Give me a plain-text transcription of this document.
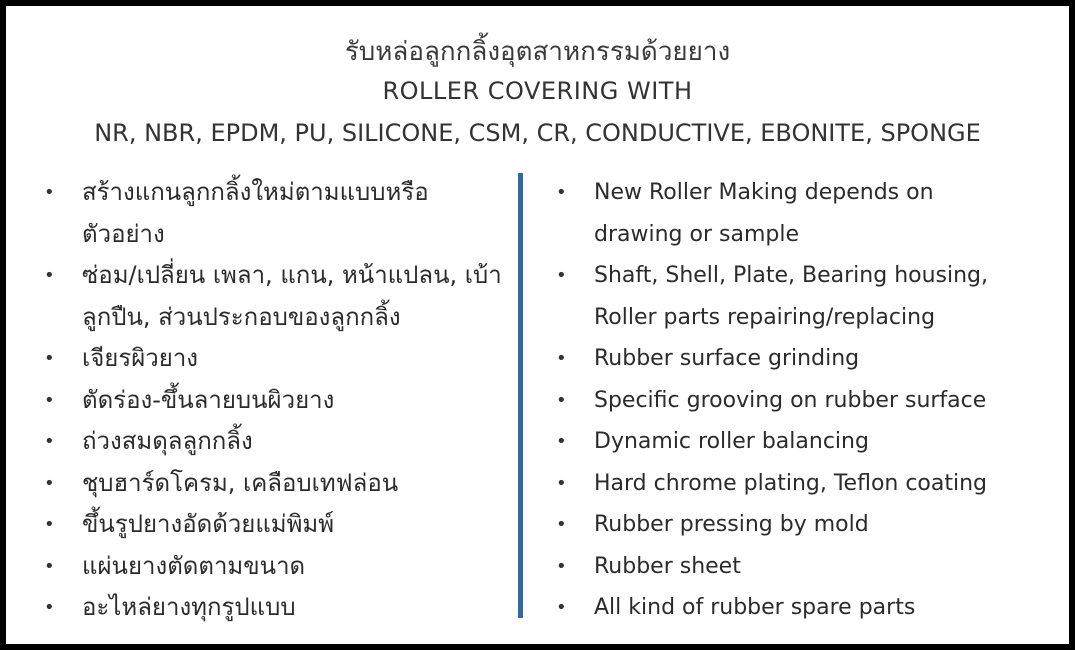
รับหล่อลูกกลิ้งอุตสาหกรรมด้วยยาง
ROLLER COVERING WITH
NR, NBR, EPDM, PU, SILICONE, CSM, CR, CONDUCTIVE, EBONITE, SPONGE
• สร้างแกนลูกกลิ้งใหม่ตามแบบหรือ ตัวอย่าง
• ซ่อม/เปลี่ยน เพลา, แกน, หน้าแปลน, เบ้าลูกปืน, ส่วนประกอบของลูกกลิ้ง
• เจียรผิวยาง
• ตัดร่อง-ขึ้นลายบนผิวยาง
• ถ่วงสมดุลลูกกลิ้ง
• ชุบฮาร์ดโครม, เคลือบเทฟล่อน
• ขึ้นรูปยางอัดด้วยแม่พิมพ์
• แผ่นยางตัดตามขนาด
• อะไหล่ยางทุกรูปแบบ
• New Roller Making depends on drawing or sample
• Shaft, Shell, Plate, Bearing housing, Roller parts repairing/replacing
• Rubber surface grinding
• Specific grooving on rubber surface
• Dynamic roller balancing
• Hard chrome plating, Teflon coating
• Rubber pressing by mold
• Rubber sheet
• All kind of rubber spare parts
